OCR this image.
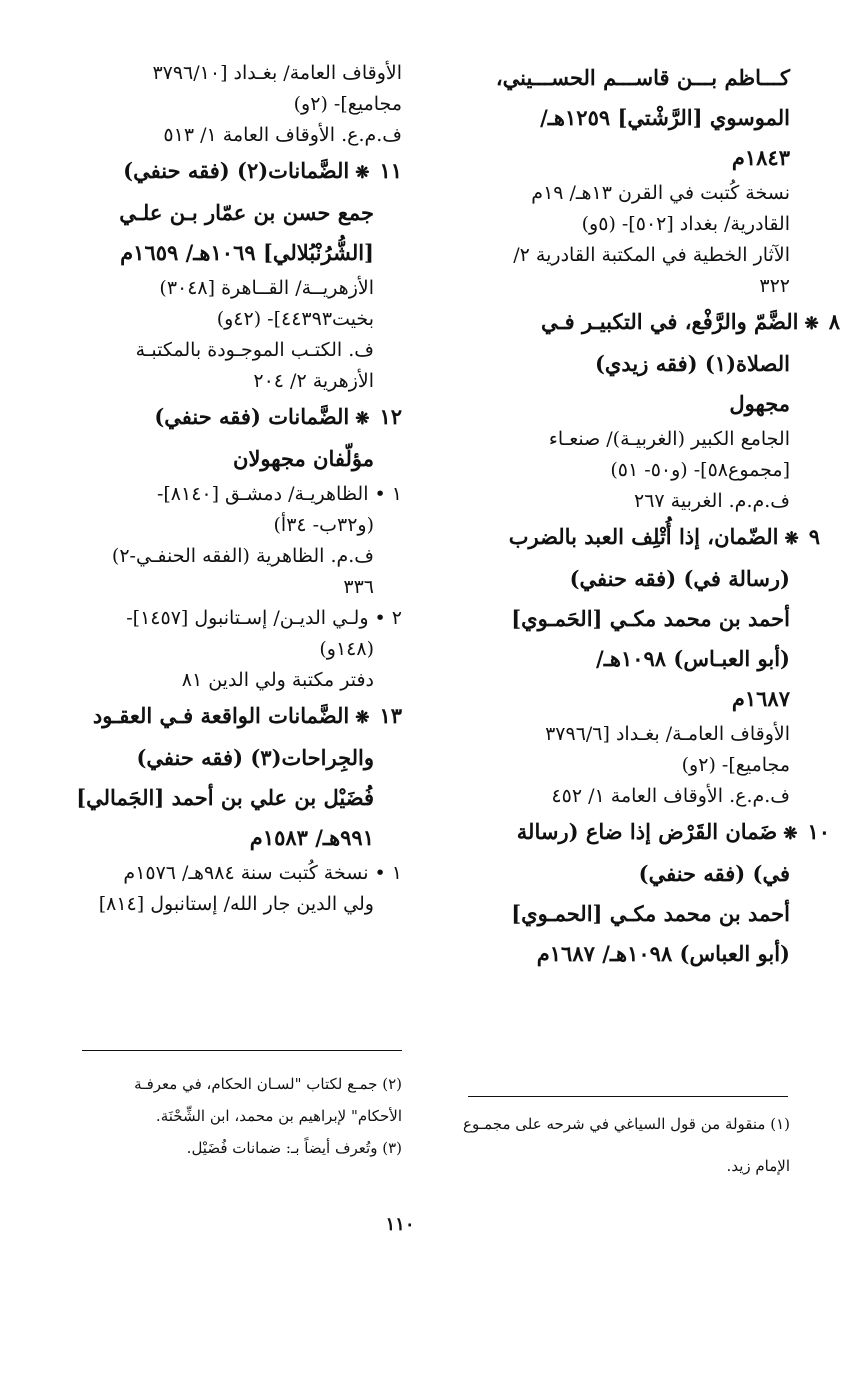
كـــاظم بـــن قاســـم الحســـيني،
الموسوي [الرَّشْتي] ١٢٥٩هـ/
١٨٤٣م
نسخة كُتبت في القرن ١٣هـ/ ١٩م
القادرية/ بغداد [٥٠٢]- (٥و)
الآثار الخطية في المكتبة القادرية ٢/
٣٢٢
٨❋الضَّمّ والرَّفْع، في التكبيـر فـي
الصلاة(١) (فقه زيدي)
مجهول
الجامع الكبير (الغربيـة)/ صنعـاء
[مجموع٥٨]- (و٥٠- ٥١)
ف.م.م. الغربية ٢٦٧
٩❋الضّمان، إذا أُتْلِف العبد بالضرب
(رسالة في) (فقه حنفي)
أحمد بن محمد مكـي [الحَمـوي]
(أبو العبـاس) ١٠٩٨هـ/
١٦٨٧م
الأوقاف العامـة/ بغـداد [٣٧٩٦/٦
مجاميع]- (٢و)
ف.م.ع. الأوقاف العامة ١/ ٤٥٢
١٠❋ضَمان القَرْض إذا ضاع (رسالة
في) (فقه حنفي)
أحمد بن محمد مكـي [الحمـوي]
(أبو العباس) ١٠٩٨هـ/ ١٦٨٧م
الأوقاف العامة/ بغـداد [٣٧٩٦/١٠
مجاميع]- (٢و)
ف.م.ع. الأوقاف العامة ١/ ٥١٣
١١❋الضَّمانات(٢) (فقه حنفي)
جمع حسن بن عمّار بـن علـي
[الشُّرُنْبُلالي] ١٠٦٩هـ/ ١٦٥٩م
الأزهريــة/ القــاهرة [٣٠٤٨)
بخيت٤٤٣٩٣]- (٤٢و)
ف. الكتـب الموجـودة بالمكتبـة
الأزهرية ٢/ ٢٠٤
١٢❋الضَّمانات (فقه حنفي)
مؤلّفان مجهولان
١ • الظاهريـة/ دمشـق [٨١٤٠]-
(و٣٢ب- ٣٤أ)
ف.م. الظاهرية (الفقه الحنفـي-٢)
٣٣٦
٢ • ولـي الديـن/ إسـتانبول [١٤٥٧]-
(١٤٨و)
دفتر مكتبة ولي الدين ٨١
١٣❋الضَّمانات الواقعة فـي العقـود
والجِراحات(٣) (فقه حنفي)
فُضَيْل بن علي بن أحمد [الجَمالي]
٩٩١هـ/ ١٥٨٣م
١ • نسخة كُتبت سنة ٩٨٤هـ/ ١٥٧٦م
ولي الدين جار الله/ إستانبول [٨١٤]
(٢) جمـع لكتاب "لسـان الحكام، في معرفـة
الأحكام" لإبراهيم بن محمد، ابن الشِّحْنَة.
(٣) وتُعرف أيضاً بـ: ضمانات فُضَيْل.
(١) منقولة من قول السياغي في شرحه على مجمـوع
الإمام زيد.
١١٠
